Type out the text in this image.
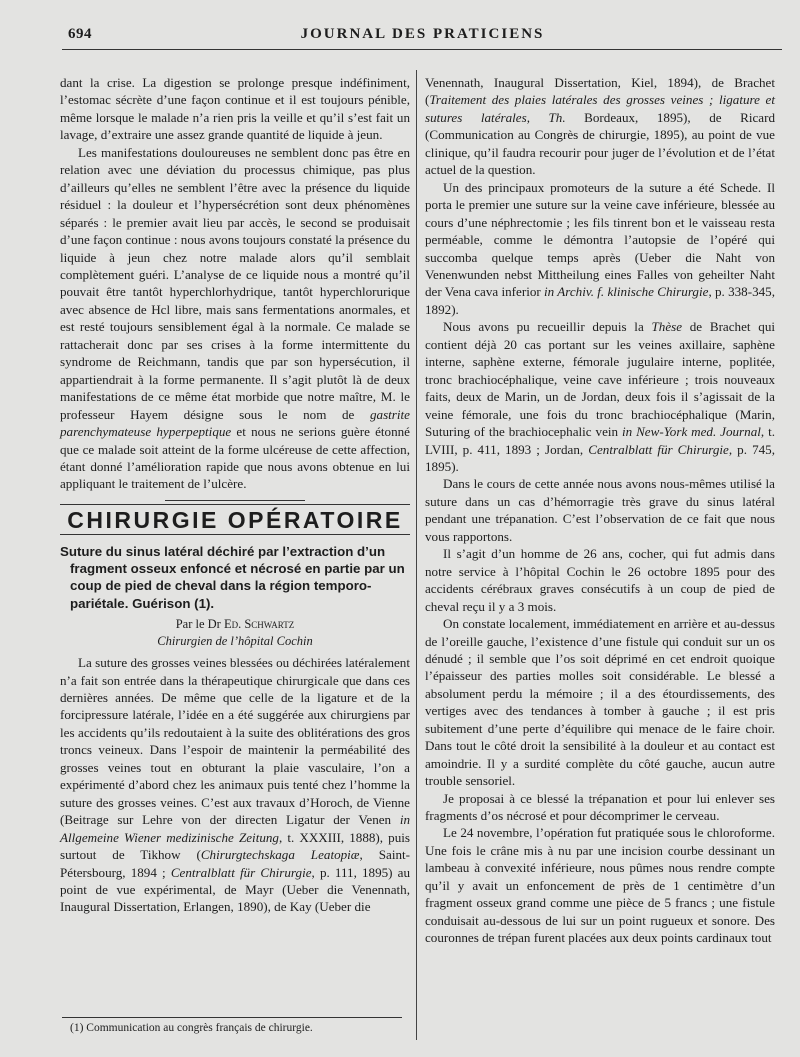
694	JOURNAL DES PRATICIENS

dant la crise. La digestion se prolonge presque indéfiniment, l’estomac sécrète d’une façon continue et il est toujours pénible, même lorsque le malade n’a rien pris la veille et qu’il s’est fait un lavage, d’extraire une assez grande quantité de liquide à jeun.

Les manifestations douloureuses ne semblent donc pas être en relation avec une déviation du processus chimique, pas plus d’ailleurs qu’elles ne semblent l’être avec la présence du liquide résiduel : la douleur et l’hypersécrétion sont deux phénomènes séparés : le premier avait lieu par accès, le second se produisait d’une façon continue : nous avons toujours constaté la présence du liquide à jeun chez notre malade alors qu’il semblait complètement guéri. L’analyse de ce liquide nous a montré qu’il pouvait être tantôt hyperchlorhydrique, tantôt hyperchlorurique avec absence de Hcl libre, mais sans fermentations anormales, et est resté toujours sensiblement égal à la normale. Ce malade se rattacherait donc par ses crises à la forme intermittente du syndrome de Reichmann, tandis que par son hypersécution, il appartiendrait à la forme permanente. Il s’agit plutôt là de deux manifestations de ce même état morbide que notre maître, M. le professeur Hayem désigne sous le nom de gastrite parenchymateuse hyperpeptique et nous ne serions guère étonné que ce malade soit atteint de la forme ulcéreuse de cette affection, étant donné l’amélioration rapide que nous avons obtenue en lui appliquant le traitement de l’ulcère.

CHIRURGIE OPÉRATOIRE
Suture du sinus latéral déchiré par l’extraction d’un fragment osseux enfoncé et nécrosé en partie par un coup de pied de cheval dans la région temporo-pariétale. Guérison (1).
Par le Dr Ed. Schwartz
Chirurgien de l’hôpital Cochin

La suture des grosses veines blessées ou déchirées latéralement n’a fait son entrée dans la thérapeutique chirurgicale que dans ces dernières années. De même que celle de la ligature et de la forcipressure latérale, l’idée en a été suggérée aux chirurgiens par les accidents qu’ils redoutaient à la suite des oblitérations des gros troncs veineux. Dans l’espoir de maintenir la perméabilité des grosses veines tout en obturant la plaie vasculaire, l’on a expérimenté d’abord chez les animaux puis tenté chez l’homme la suture des grosses veines. C’est aux travaux d’Horoch, de Vienne (Beitrage sur Lehre von der directen Ligatur der Venen in Allgemeine Wiener medizinische Zeitung, t. XXXIII, 1888), puis surtout de Tikhow (Chirurgtechskaga Leatopiæ, Saint-Pétersbourg, 1894 ; Centralblatt für Chirurgie, p. 111, 1895) au point de vue expérimental, de Mayr (Ueber die Venennath, Inaugural Dissertation, Erlangen, 1890), de Kay (Ueber die

Venennath, Inaugural Dissertation, Kiel, 1894), de Brachet (Traitement des plaies latérales des grosses veines ; ligature et sutures latérales, Th. Bordeaux, 1895), de Ricard (Communication au Congrès de chirurgie, 1895), au point de vue clinique, qu’il faudra recourir pour juger de l’évolution et de l’état actuel de la question.

Un des principaux promoteurs de la suture a été Schede. Il porta le premier une suture sur la veine cave inférieure, blessée au cours d’une néphrectomie ; les fils tinrent bon et le vaisseau resta perméable, comme le démontra l’autopsie de l’opéré qui succomba quelque temps après (Ueber die Naht von Venenwunden nebst Mittheilung eines Falles von geheilter Naht der Vena cava inferior in Archiv. f. klinische Chirurgie, p. 338-345, 1892).

Nous avons pu recueillir depuis la Thèse de Brachet qui contient déjà 20 cas portant sur les veines axillaire, saphène interne, saphène externe, fémorale jugulaire interne, poplitée, tronc brachiocéphalique, veine cave inférieure ; trois nouveaux faits, deux de Marin, un de Jordan, deux fois il s’agissait de la veine fémorale, une fois du tronc brachiocéphalique (Marin, Suturing of the brachiocephalic vein in New-York med. Journal, t. LVIII, p. 411, 1893 ; Jordan, Centralblatt für Chirurgie, p. 745, 1895).

Dans le cours de cette année nous avons nous-mêmes utilisé la suture dans un cas d’hémorragie très grave du sinus latéral pendant une trépanation. C’est l’observation de ce fait que nous vous rapportons.

Il s’agit d’un homme de 26 ans, cocher, qui fut admis dans notre service à l’hôpital Cochin le 26 octobre 1895 pour des accidents cérébraux graves consécutifs à un coup de pied de cheval reçu il y a 3 mois.

On constate localement, immédiatement en arrière et au-dessus de l’oreille gauche, l’existence d’une fistule qui conduit sur un os dénudé ; il semble que l’os soit déprimé en cet endroit quoique l’épaisseur des parties molles soit considérable. Le blessé a absolument perdu la mémoire ; il a des étourdissements, des vertiges avec des tendances à tomber à gauche ; il est pris subitement d’une perte d’équilibre qui menace de le faire choir. Dans tout le côté droit la sensibilité à la douleur et au contact est amoindrie. Il y a surdité complète du côté gauche, aucun autre trouble sensoriel.

Je proposai à ce blessé la trépanation et pour lui enlever ses fragments d’os nécrosé et pour décomprimer le cerveau.

Le 24 novembre, l’opération fut pratiquée sous le chloroforme. Une fois le crâne mis à nu par une incision courbe dessinant un lambeau à convexité inférieure, nous pûmes nous rendre compte qu’il y avait un enfoncement de près de 1 centimètre d’un fragment osseux grand comme une pièce de 5 francs ; une fistule conduisait au-dessous de lui sur un point rugueux et sonore. Des couronnes de trépan furent placées aux deux points cardinaux tout

(1) Communication au congrès français de chirurgie.
